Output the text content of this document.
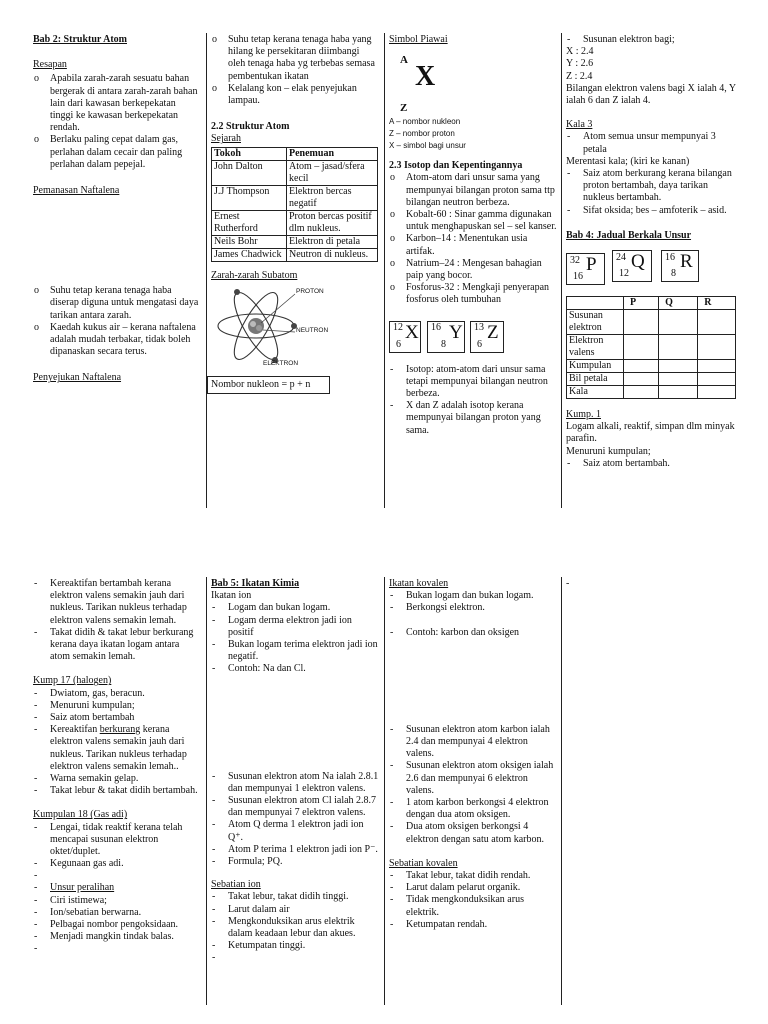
Bab 2: Struktur Atom
Resapan
o Apabila zarah-zarah sesuatu bahan bergerak di antara zarah-zarah bahan lain dari kawasan berkepekatan tinggi ke kawasan berkepekatan rendah.
o Berlaku paling cepat dalam gas, perlahan dalam cecair dan paling perlahan dalam pepejal.
Pemanasan Naftalena
o Suhu tetap kerana tenaga haba diserap diguna untuk mengatasi daya tarikan antara zarah.
o Kaedah kukus air – kerana naftalena adalah mudah terbakar, tidak boleh dipanaskan secara terus.
Penyejukan Naftalena
o Suhu tetap kerana tenaga haba yang hilang ke persekitaran diimbangi oleh tenaga haba yg terbebas semasa pembentukan ikatan
o Kelalang kon – elak penyejukan lampau.
2.2 Struktur Atom
Sejarah
Tokoh	Penemuan
John Dalton	Atom – jasad/sfera kecil
J.J Thompson	Elektron bercas negatif
Ernest Rutherford	Proton bercas positif dlm nukleus.
Neils Bohr	Elektron di petala
James Chadwick	Neutron di nukleus.
Zarah-zarah Subatom
PROTON
NEUTRON
ELEKTRON
Nombor nukleon = p + n
Simbol Piawai
A
X
Z
A – nombor nukleon
Z – nombor proton
X – simbol bagi unsur
2.3 Isotop dan Kepentingannya
o Atom-atom dari unsur sama yang mempunyai bilangan proton sama ttp bilangan neutron berbeza.
o Kobalt-60 : Sinar gamma digunakan untuk menghapuskan sel – sel kanser.
o Karbon–14 : Menentukan usia artifak.
o Natrium–24 : Mengesan bahagian paip yang bocor.
o Fosforus-32 : Mengkaji penyerapan fosforus oleh tumbuhan
12
6
X 16
8
Y 13
6
Z
- Isotop: atom-atom dari unsur sama tetapi mempunyai bilangan neutron berbeza.
- X dan Z adalah isotop kerana mempunyai bilangan proton yang sama.
- Susunan elektron bagi;
X : 2.4
Y : 2.6
Z : 2.4
Bilangan elektron valens bagi X ialah 4, Y ialah 6 dan Z ialah 4.
Kala 3
- Atom semua unsur mempunyai 3 petala
Merentasi kala; (kiri ke kanan)
- Saiz atom berkurang kerana bilangan proton bertambah, daya tarikan nukleus bertambah.
- Sifat oksida; bes – amfoterik – asid.
Bab 4: Jadual Berkala Unsur
32
16
P 24
12
Q 16
8
R
	P	Q	R
Susunan elektron			
Elektron valens			
Kumpulan			
Bil petala			
Kala			
Kump. 1
Logam alkali, reaktif, simpan dlm minyak parafin.
Menuruni kumpulan;
- Saiz atom bertambah.
- Kereaktifan bertambah kerana elektron valens semakin jauh dari nukleus. Tarikan nukleus terhadap elektron valens semakin lemah.
- Takat didih & takat lebur berkurang kerana daya ikatan logam antara atom semakin lemah.
Kump 17 (halogen)
- Dwiatom, gas, beracun.
- Menuruni kumpulan;
- Saiz atom bertambah
- Kereaktifan berkurang kerana elektron valens semakin jauh dari nukleus. Tarikan nukleus terhadap elektron valens semakin lemah..
- Warna semakin gelap.
- Takat lebur & takat didih bertambah.
Kumpulan 18 (Gas adi)
- Lengai, tidak reaktif kerana telah mencapai susunan elektron oktet/duplet.
- Kegunaan gas adi.
-
- Unsur peralihan
- Ciri istimewa;
- Ion/sebatian berwarna.
- Pelbagai nombor pengoksidaan.
- Menjadi mangkin tindak balas.
-
Bab 5: Ikatan Kimia
Ikatan ion
- Logam dan bukan logam.
- Logam derma elektron jadi ion positif
- Bukan logam terima elektron jadi ion negatif.
- Contoh: Na dan Cl.
- Susunan elektron atom Na ialah 2.8.1 dan mempunyai 1 elektron valens.
- Susunan elektron atom Cl ialah 2.8.7 dan mempunyai 7 elektron valens.
- Atom Q derma 1 elektron jadi ion Q⁺.
- Atom P terima 1 elektron jadi ion P⁻.
- Formula; PQ.
Sebatian ion
- Takat lebur, takat didih tinggi.
- Larut dalam air
- Mengkonduksikan arus elektrik dalam keadaan lebur dan akues.
- Ketumpatan tinggi.
-
Ikatan kovalen
- Bukan logam dan bukan logam.
- Berkongsi elektron.
- Contoh: karbon dan oksigen
- Susunan elektron atom karbon ialah 2.4 dan mempunyai 4 elektron valens.
- Susunan elektron atom oksigen ialah 2.6 dan mempunyai 6 elektron valens.
- 1 atom karbon berkongsi 4 elektron dengan dua atom oksigen.
- Dua atom oksigen berkongsi 4 elektron dengan satu atom karbon.
Sebatian kovalen
- Takat lebur, takat didih rendah.
- Larut dalam pelarut organik.
- Tidak mengkonduksikan arus elektrik.
- Ketumpatan rendah.
-
